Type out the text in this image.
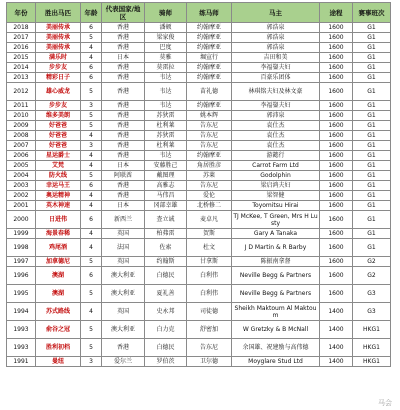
年份	胜出马匹	年龄	代表国家/地区	骑师	练马师	马主	途程	赛事班次
2018	美丽传承	6	香港	潘顿	约翰摩亚	郭浩泉	1600	G1
2017	美丽传承	5	香港	梁家俊	约翰摩亚	郭浩泉	1600	G1
2016	美丽传承	4	香港	巴度	约翰摩亚	郭浩泉	1600	G1
2015	满乐时	4	日本	莫雅	堀宣行	吉田和美	1600	G1
2014	步步友	6	香港	莫雷拉	约翰摩亚	李福鋆夫妇	1600	G1
2013	精彩日子	6	香港	韦达	约翰摩亚	百豪乐团体	1600	G1
2012	雄心威龙	5	香港	韦达	苗礼德	林琪铭夫妇及林文豪	1600	G1
2011	步步友	3	香港	韦达	约翰摩亚	李福鋆夫妇	1600	G1
2010	维多美朗	5	香港	苏狄雷	姚本辉	郭沛泉	1600	G1
2009	好爸爸	5	香港	杜利莱	告东尼	袁仕杰	1600	G1
2008	好爸爸	4	香港	苏狄雷	告东尼	袁仕杰	1600	G1
2007	好爸爸	3	香港	杜利莱	告东尼	袁仕杰	1600	G1
2006	星运爵士	4	香港	韦达	约翰摩亚	游懿行	1600	G1
2005	艾梵	4	日本	安藤胜己	角居胜彦	Carrot Farm Ltd	1600	G1
2004	防火线	5	阿联酋	戴图理	苏莱	Godolphin	1600	G1
2003	幸运马王	6	香港	高雅志	告东尼	梁启鸿夫妇	1600	G1
2002	奥运精神	4	香港	马伟昌	爱伦	梁智健	1600	G1
2001	英木神速	4	日本	冈部幸雄	北桥修二	Toyomitsu Hirai	1600	G1
2000	日进伟	6	新西兰	查立诚	麦卓凡	TJ McKee, T Green, Mrs H Lusty	1600	G1
1999	海景春稀	4	英国	柏弗雷	贺斯	Gary A Tanaka	1600	G1
1998	鸡尾酒	4	法国	佐索	杜文	J D Martin & R Barby	1600	G1
1997	加拿德尼	5	英国	约翰斯	甘拿斯	陈振南拿督	1600	G2
1996	澳湖	6	澳大利亚	白德民	白利伟	Neville Begg & Partners	1600	G2
1995	澳湖	5	澳大利亚	夏礼善	白利伟	Neville Begg & Partners	1600	G3
1994	苏式路线	4	英国	史永邦	司徒德	Sheikh Maktoum Al Maktoum	1400	G3
1993	俞谷之冠	5	澳大利亚	白力克	舒密加	W Gretzky & B McNall	1400	HKG1
1993	胜利初档	5	香港	白德民	告东尼	余国雄、祝建励与高伟德	1400	HKG1
1991	曼纽	3	爱尔兰	罗伯茨	卫尔德	Moyglare Stud Ltd	1400	HKG1
马会
